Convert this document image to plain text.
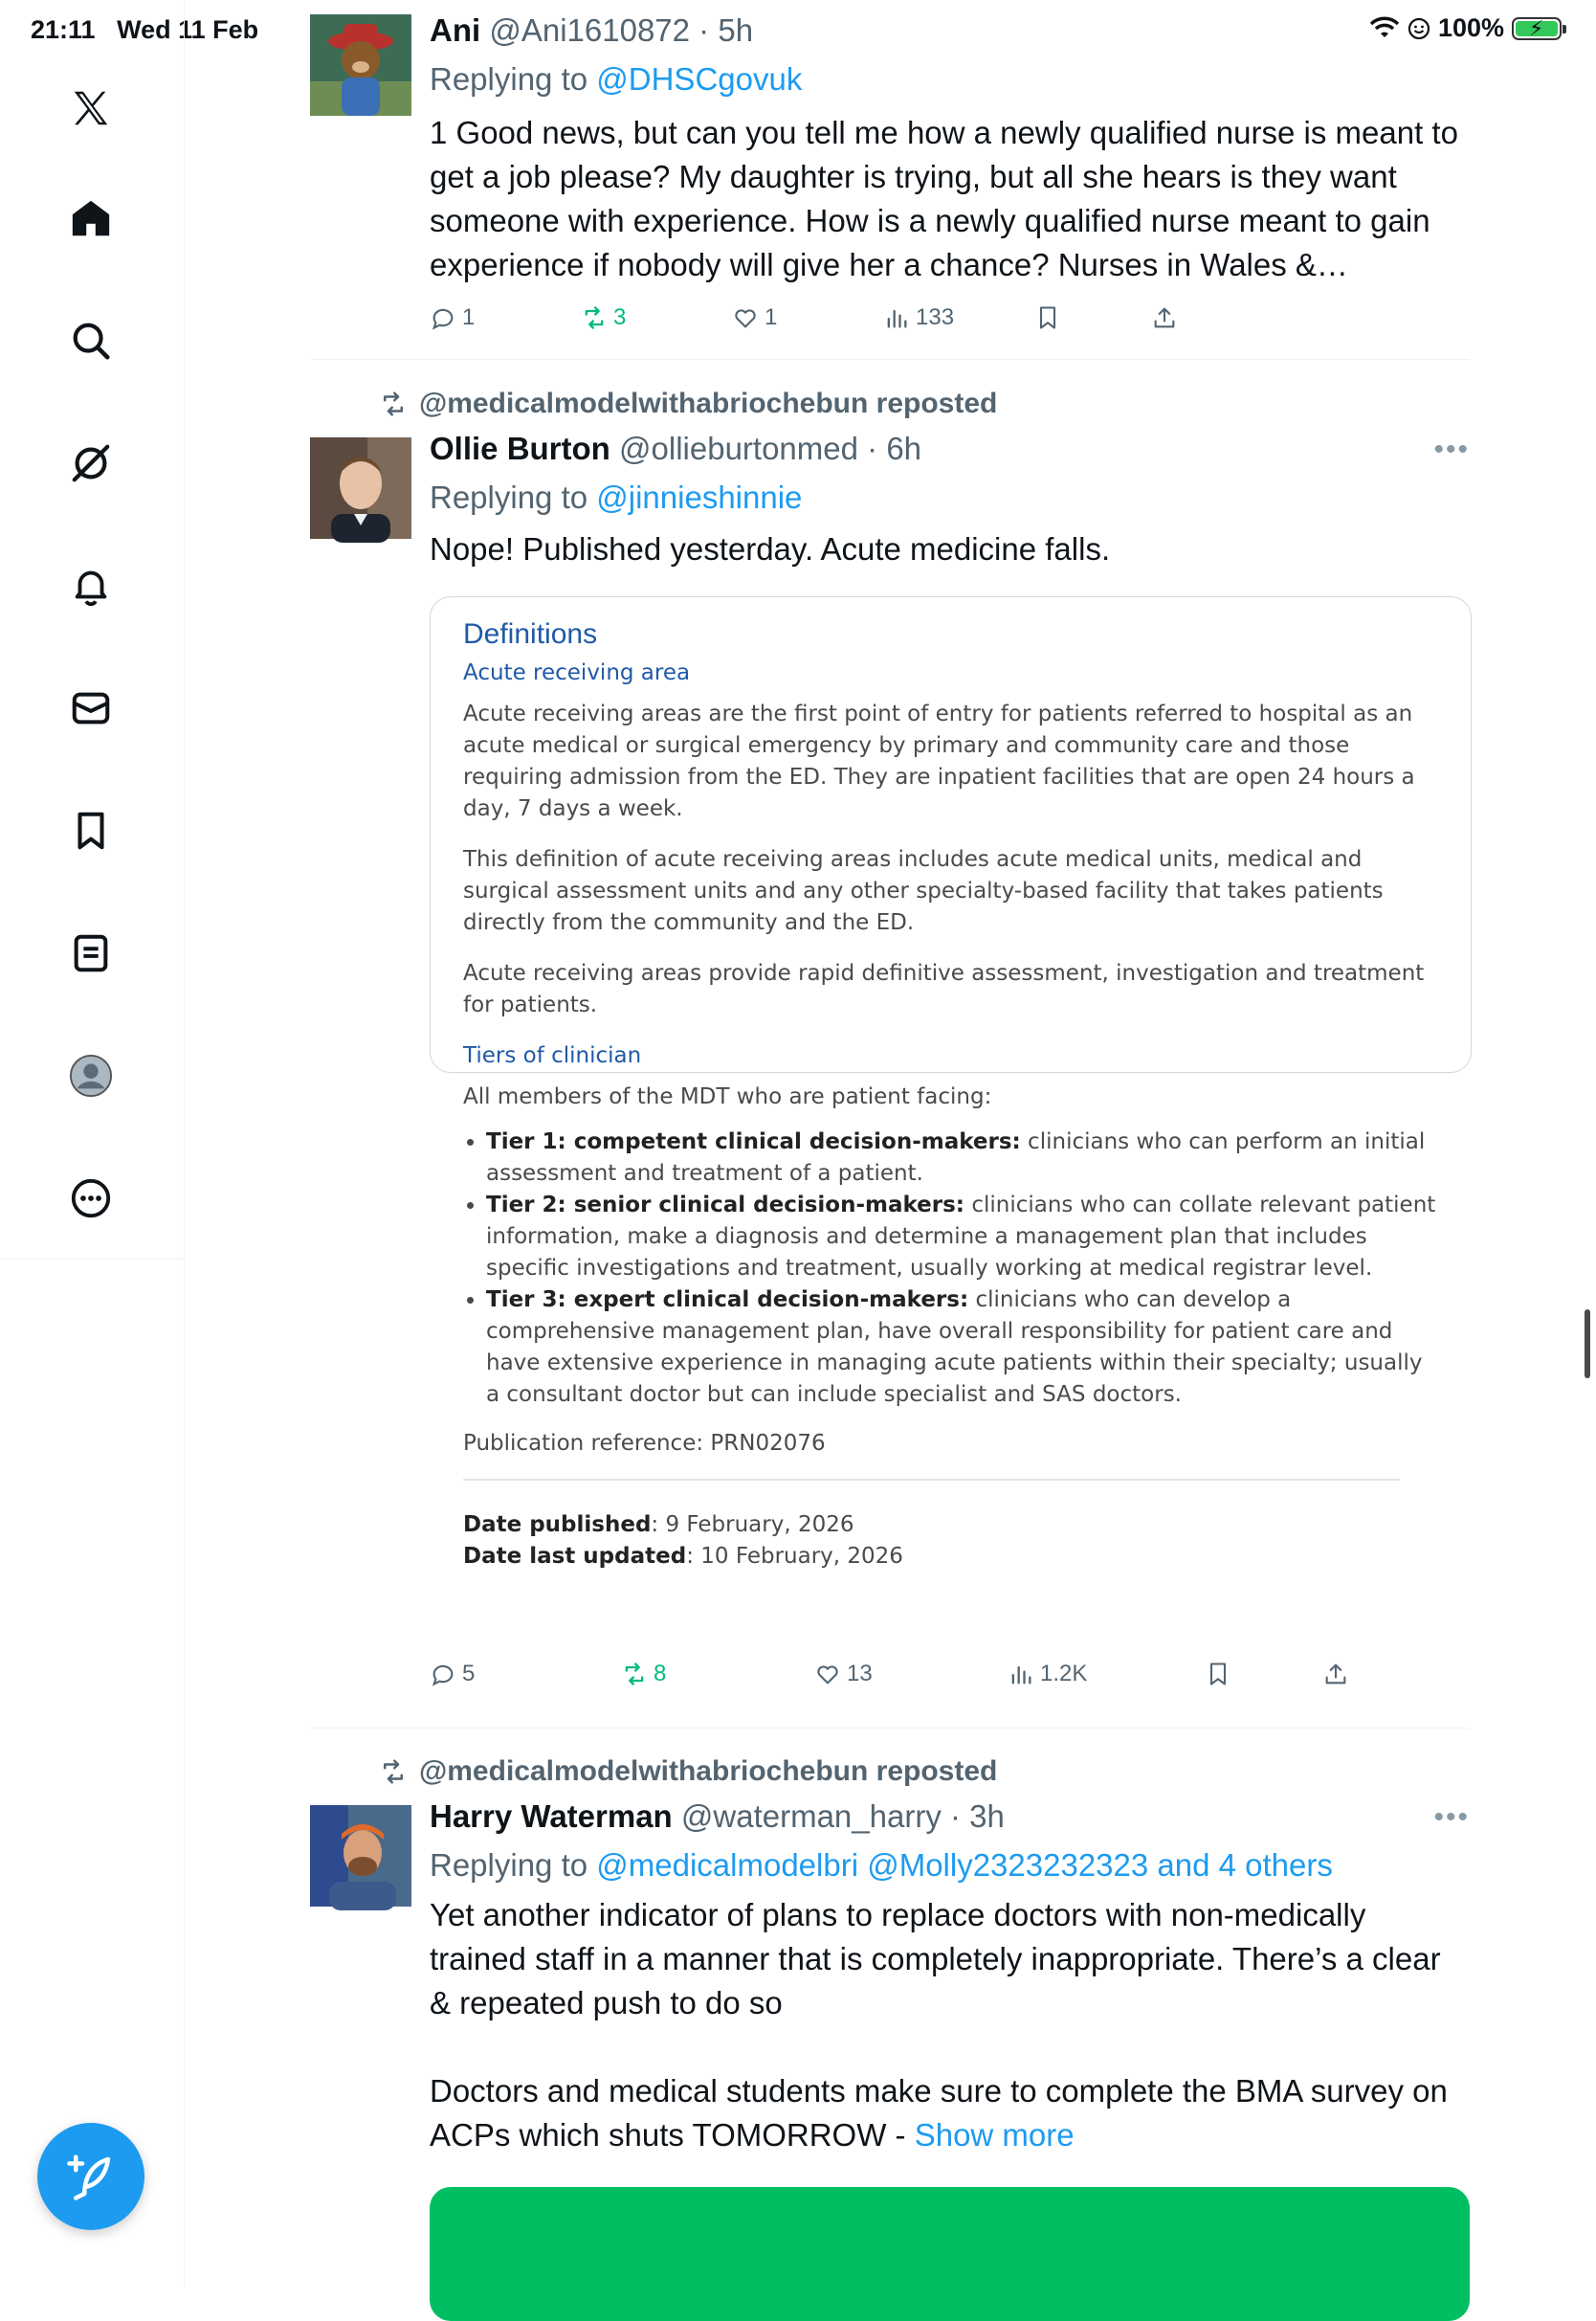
21:11 Wed 11 Feb	100% ⚡
Ani @Ani1610872 · 5h
Replying to @DHSCgovuk
1 Good news, but can you tell me how a newly qualified nurse is meant to get a job please? My daughter is trying, but all she hears is they want someone with experience. How is a newly qualified nurse meant to gain experience if nobody will give her a chance? Nurses in Wales &…
1	3	1	133
@medicalmodelwithabriochebun reposted
Ollie Burton @ollieburtonmed · 6h
Replying to @jinnieshinnie
Nope! Published yesterday. Acute medicine falls.
•••
Definitions
Acute receiving area

Acute receiving areas are the first point of entry for patients referred to hospital as an acute medical or surgical emergency by primary and community care and those requiring admission from the ED. They are inpatient facilities that are open 24 hours a day, 7 days a week.

This definition of acute receiving areas includes acute medical units, medical and surgical assessment units and any other specialty-based facility that takes patients directly from the community and the ED.

Acute receiving areas provide rapid definitive assessment, investigation and treatment for patients.

Tiers of clinician

All members of the MDT who are patient facing:

• Tier 1: competent clinical decision-makers: clinicians who can perform an initial assessment and treatment of a patient.
• Tier 2: senior clinical decision-makers: clinicians who can collate relevant patient information, make a diagnosis and determine a management plan that includes specific investigations and treatment, usually working at medical registrar level.
• Tier 3: expert clinical decision-makers: clinicians who can develop a comprehensive management plan, have overall responsibility for patient care and have extensive experience in managing acute patients within their specialty; usually a consultant doctor but can include specialist and SAS doctors.

Publication reference: PRN02076

Date published: 9 February, 2026
Date last updated: 10 February, 2026
5	8	13	1.2K
@medicalmodelwithabriochebun reposted
Harry Waterman @waterman_harry · 3h
Replying to @medicalmodelbri @Molly2323232323 and 4 others
Yet another indicator of plans to replace doctors with non-medically trained staff in a manner that is completely inappropriate. There’s a clear & repeated push to do so
Doctors and medical students make sure to complete the BMA survey on ACPs which shuts TOMORROW - Show more
•••
